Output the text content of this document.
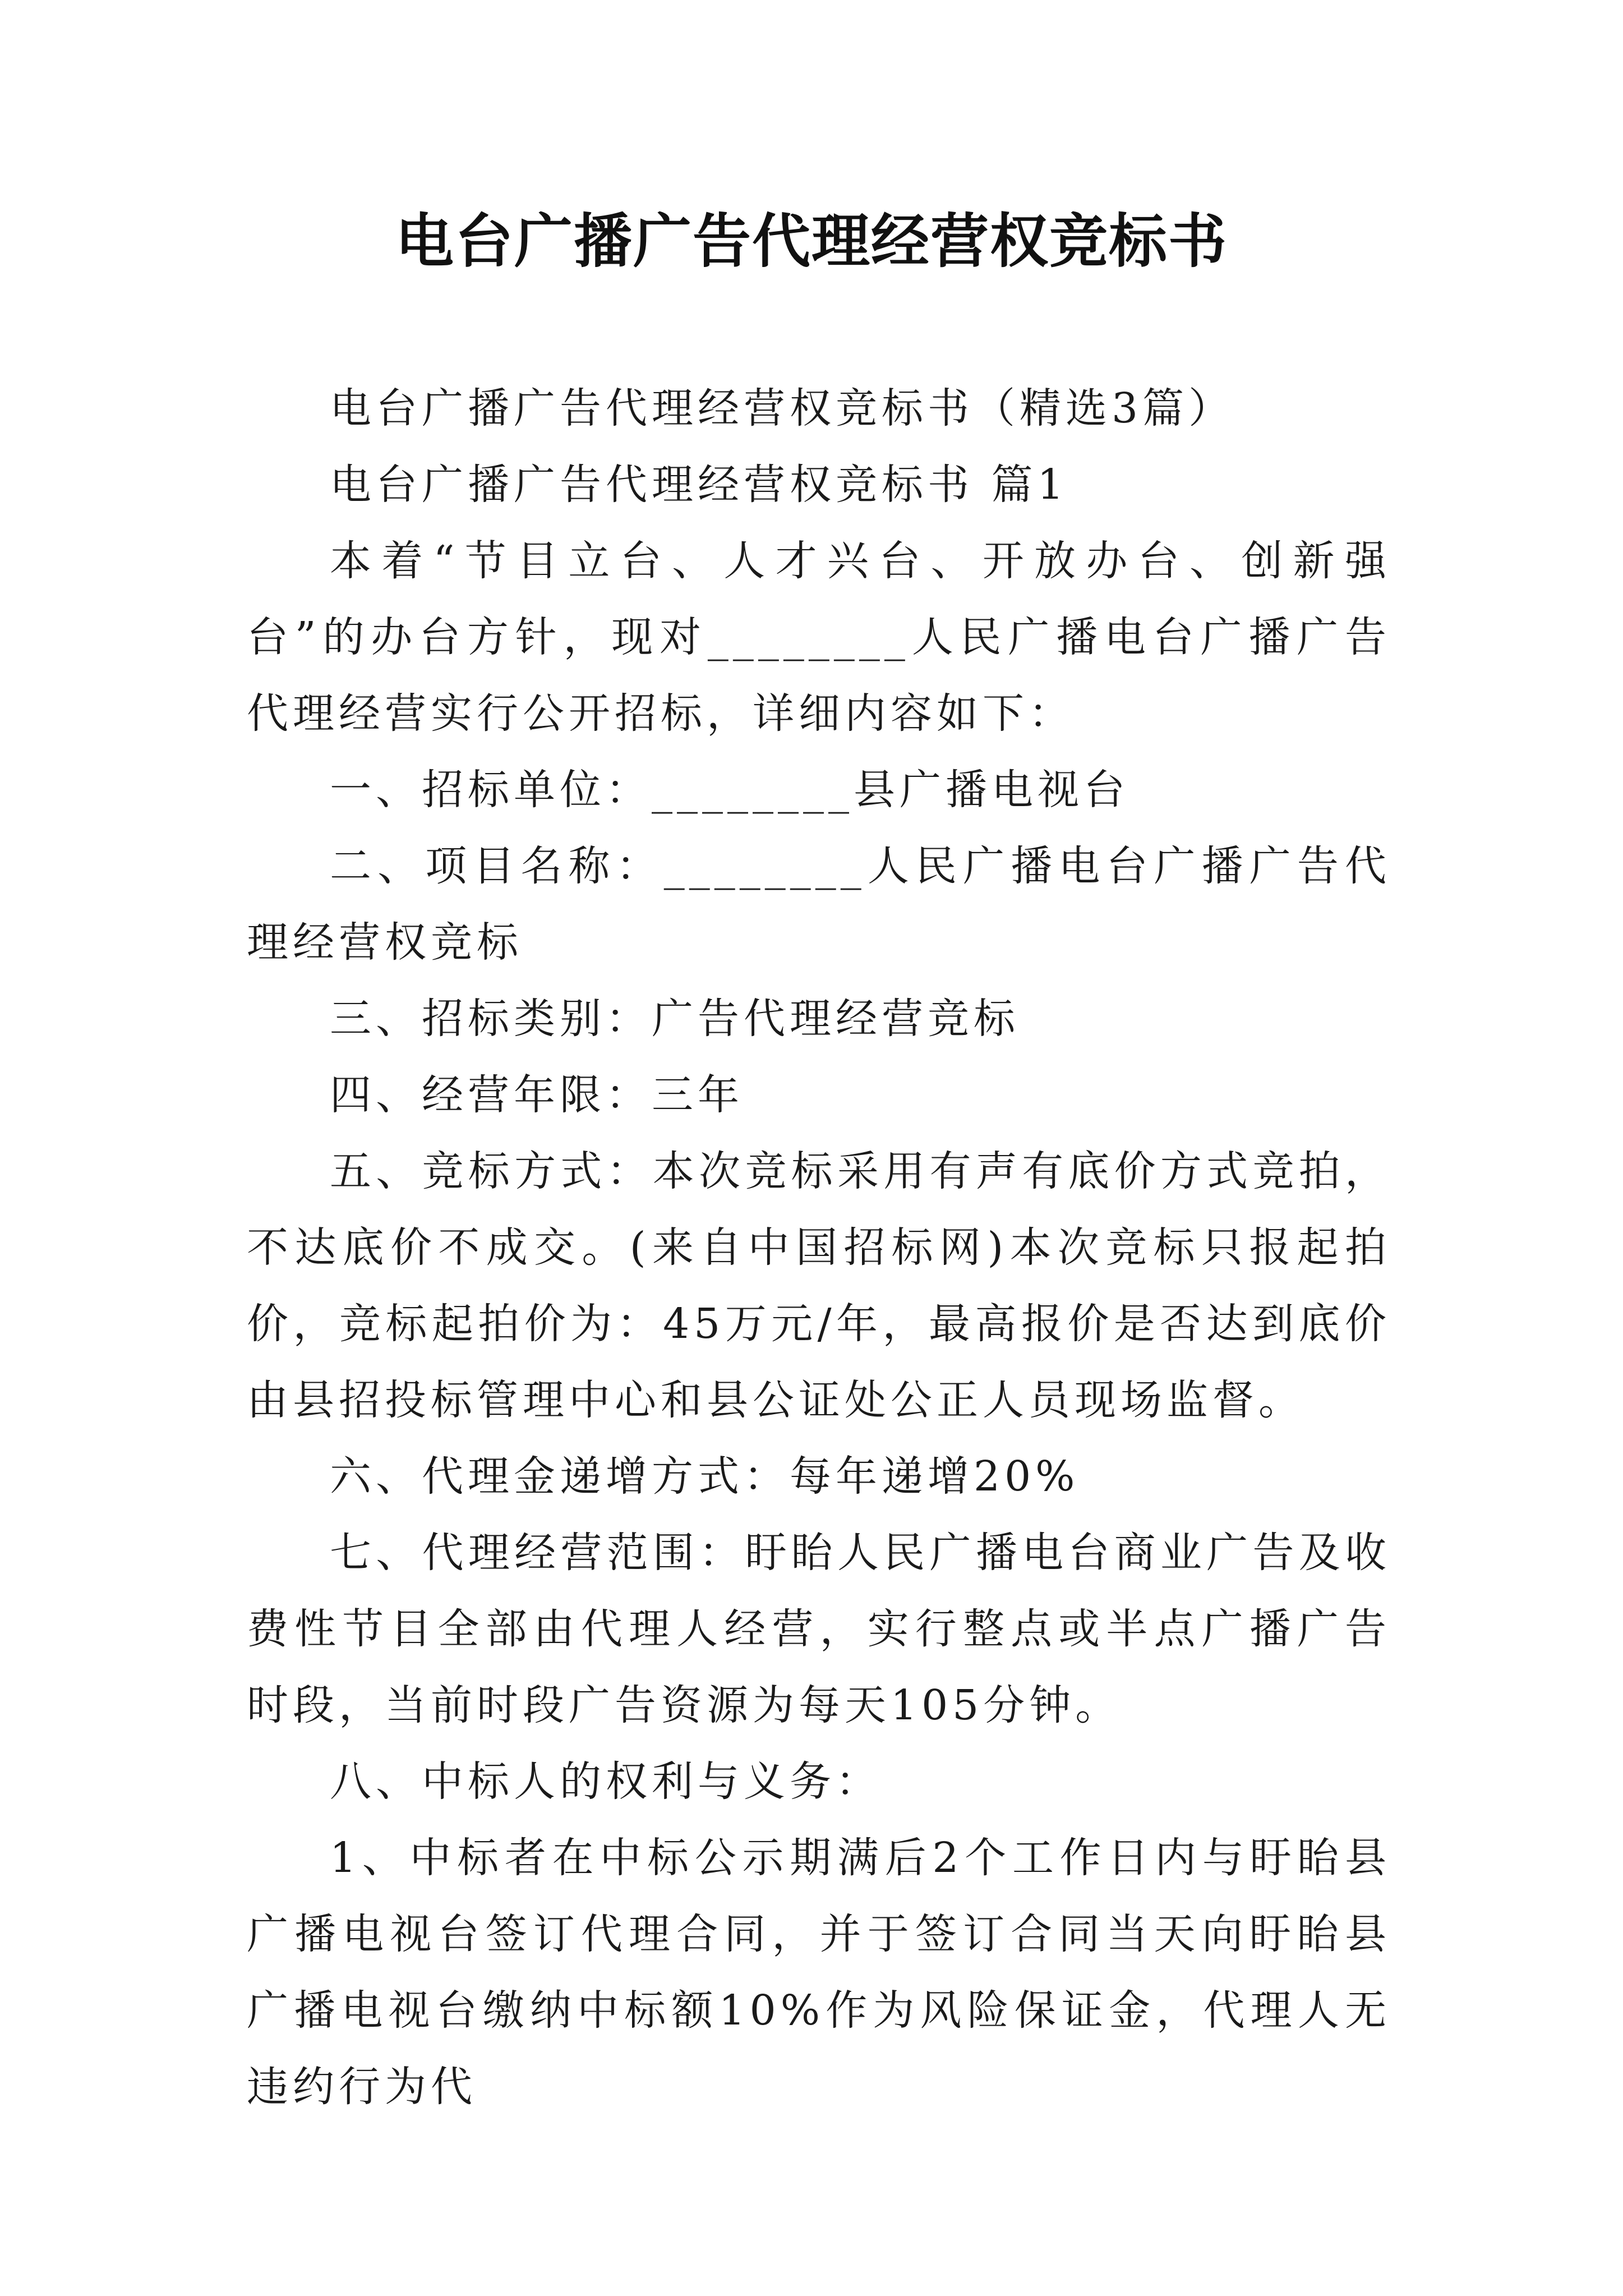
电台广播广告代理经营权竞标书

电台广播广告代理经营权竞标书（精选3篇）

电台广播广告代理经营权竞标书 篇1

本着“节目立台、人才兴台、开放办台、创新强台”的办台方针，现对________人民广播电台广播广告代理经营实行公开招标，详细内容如下：

一、招标单位：________县广播电视台

二、项目名称：________人民广播电台广播广告代理经营权竞标

三、招标类别：广告代理经营竞标

四、经营年限：三年

五、竞标方式：本次竞标采用有声有底价方式竞拍，不达底价不成交。(来自中国招标网)本次竞标只报起拍价，竞标起拍价为：45万元/年，最高报价是否达到底价由县招投标管理中心和县公证处公正人员现场监督。

六、代理金递增方式：每年递增20%

七、代理经营范围：盱眙人民广播电台商业广告及收费性节目全部由代理人经营，实行整点或半点广播广告时段，当前时段广告资源为每天105分钟。

八、中标人的权利与义务：

1、中标者在中标公示期满后2个工作日内与盱眙县广播电视台签订代理合同，并于签订合同当天向盱眙县广播电视台缴纳中标额10%作为风险保证金，代理人无违约行为代
